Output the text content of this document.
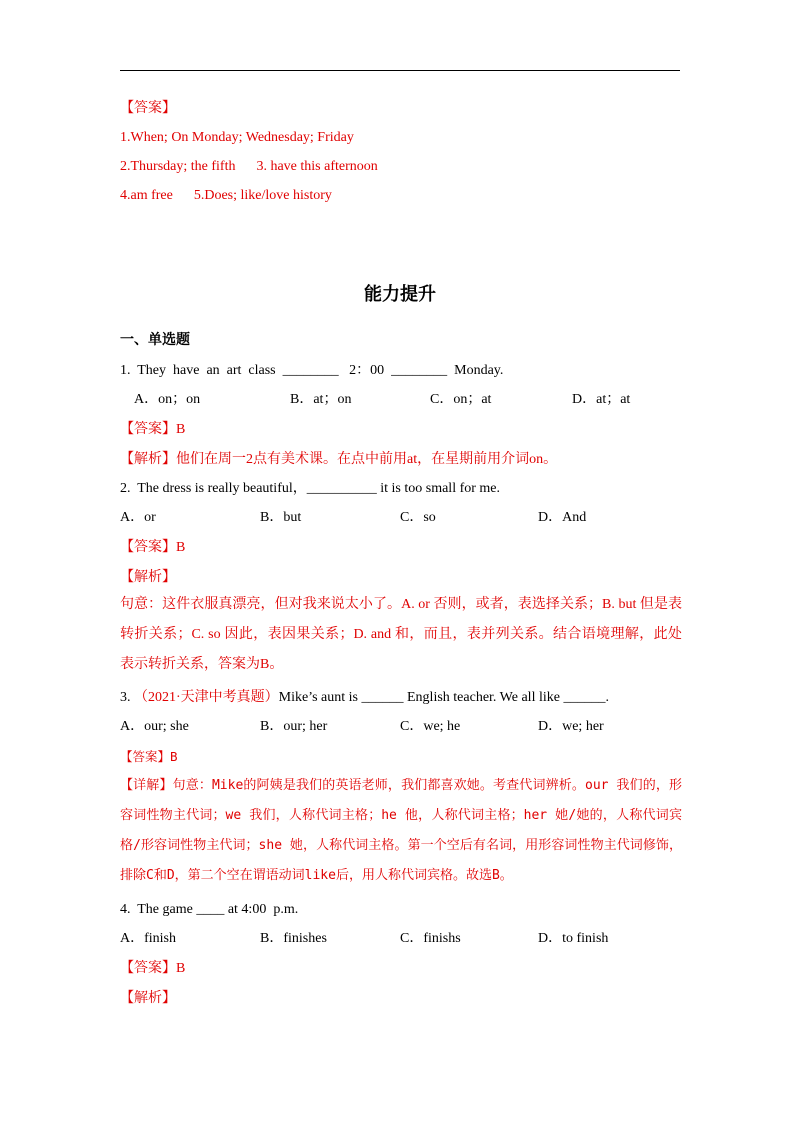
【答案】
1.When; On Monday; Wednesday; Friday
2.Thursday; the fifth      3. have this afternoon
4.am free      5.Does; like/love history
能力提升
一、单选题
1.  They  have  an  art  class  ________   2：00  ________  Monday.
A．on；on	B．at；on	C．on；at	D．at；at
【答案】B
【解析】他们在周一2点有美术课。在点中前用at，在星期前用介词on。
2.  The dress is really beautiful，__________ it is too small for me.
A．or	B．but	C．so	D．And
【答案】B
【解析】
句意：这件衣服真漂亮，但对我来说太小了。A. or 否则，或者，表选择关系；B. but 但是表转折关系；C. so 因此，表因果关系；D. and 和，而且，表并列关系。结合语境理解，此处表示转折关系，答案为B。
3. （2021·天津中考真题）Mike’s aunt is ______ English teacher. We all like ______.
A．our; she	B．our; her	C．we; he	D．we; her
【答案】B
【详解】句意：Mike的阿姨是我们的英语老师，我们都喜欢她。考查代词辨析。our 我们的，形容词性物主代词；we 我们，人称代词主格；he 他，人称代词主格；her 她/她的，人称代词宾格/形容词性物主代词；she 她，人称代词主格。第一个空后有名词，用形容词性物主代词修饰，排除C和D，第二个空在谓语动词like后，用人称代词宾格。故选B。
4.  The game ____ at 4:00  p.m.
A．finish	B．finishes	C．finishs	D．to finish
【答案】B
【解析】
